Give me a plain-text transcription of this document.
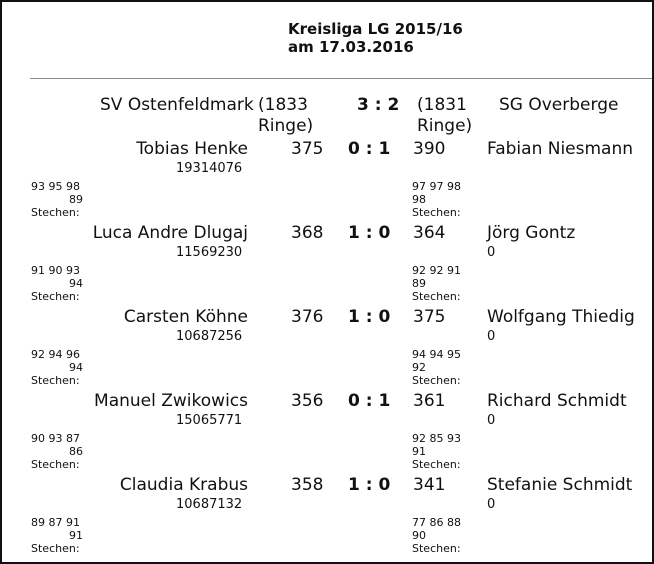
Kreisliga LG 2015/16
am 17.03.2016
SV Ostenfeldmark (1833
Ringe)
3 : 2 (1831
Ringe)
SG Overberge
Tobias Henke
19314076
375 0 : 1 390 Fabian Niesmann
93 95 98
89
Stechen:
97 97 98
98
Stechen:
Luca Andre Dlugaj
11569230
368 1 : 0 364 Jörg Gontz
0
91 90 93
94
Stechen:
92 92 91
89
Stechen:
Carsten Köhne
10687256
376 1 : 0 375 Wolfgang Thiedig
0
92 94 96
94
Stechen:
94 94 95
92
Stechen:
Manuel Zwikowics
15065771
356 0 : 1 361 Richard Schmidt
0
90 93 87
86
Stechen:
92 85 93
91
Stechen:
Claudia Krabus
10687132
358 1 : 0 341 Stefanie Schmidt
0
89 87 91
91
Stechen:
77 86 88
90
Stechen:
